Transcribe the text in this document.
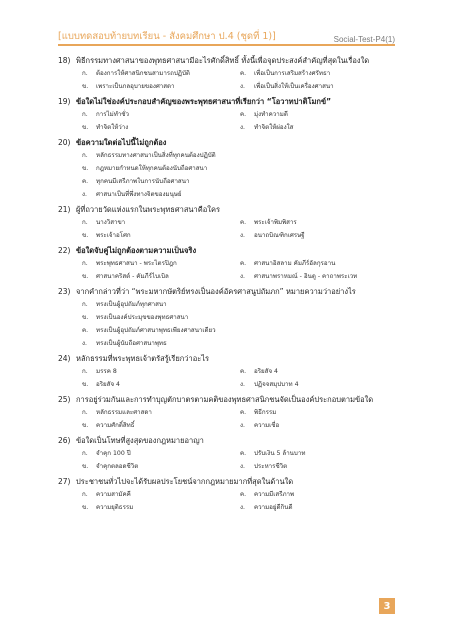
[แบบทดสอบท้ายบทเรียน - สังคมศึกษา ป.4 (ชุดที่ 1)]	Social-Test-P4(1)
18) พิธีกรรมทางศาสนาของพุทธศาสนามีอะไรศักดิ์สิทธิ์ ทั้งนี้เพื่อจุดประสงค์สำคัญที่สุดในเรื่องใด
ก.	ต้องการให้ศาสนิกชนสามารถปฏิบัติ	ค.	เพื่อเป็นการเสริมสร้างศรัทธา
ข.	เพราะเป็นกลอุบายของศาสดา	ง.	เพื่อเป็นสิ่งให้เป็นเครื่องศาสนา
19) ข้อใดไม่ใช่องค์ประกอบสำคัญของพระพุทธศาสนาที่เรียกว่า “โอวาทปาติโมกข์”
ก.	การไม่ทำชั่ว	ค.	มุ่งทำความดี
ข.	ทำจิตให้ว่าง	ง.	ทำจิตให้ผ่องใส
20) ข้อความใดต่อไปนี้ไม่ถูกต้อง
ก.	หลักธรรมทางศาสนาเป็นสิ่งที่ทุกคนต้องปฏิบัติ
ข.	กฎหมายกำหนดให้ทุกคนต้องนับถือศาสนา
ค.	ทุกคนมีเสรีภาพในการนับถือศาสนา
ง.	ศาสนาเป็นที่พึ่งทางจิตของมนุษย์
21) ผู้ที่ถวายวัดแห่งแรกในพระพุทธศาสนาคือใคร
ก.	นางวิสาขา	ค.	พระเจ้าพิมพิสาร
ข.	พระเจ้าอโศก	ง.	อนาถบิณฑิกเศรษฐี
22) ข้อใดจับคู่ไม่ถูกต้องตามความเป็นจริง
ก.	พระพุทธศาสนา - พระไตรปิฎก	ค.	ศาสนาอิสลาม คัมภีร์อัลกุรอาน
ข.	ศาสนาคริสต์ - คัมภีร์ไบเบิล	ง.	ศาสนาพราหมณ์ - ฮินดู - คาถาพระเวท
23) จากคำกล่าวที่ว่า “พระมหากษัตริย์ทรงเป็นองค์อัครศาสนูปถัมภก” หมายความว่าอย่างไร
ก.	ทรงเป็นผู้อุปถัมภ์ทุกศาสนา
ข.	ทรงเป็นองค์ประมุขของพุทธศาสนา
ค.	ทรงเป็นผู้อุปถัมภ์ศาสนาพุทธเพียงศาสนาเดียว
ง.	ทรงเป็นผู้นับถือศาสนาพุทธ
24) หลักธรรมที่พระพุทธเจ้าตรัสรู้เรียกว่าอะไร
ก.	มรรค 8	ค.	อริยสัจ 4
ข.	อริยสัจ 4	ง.	ปฏิจจสมุปบาท 4
25) การอยู่ร่วมกันและการทำบุญตักบาตรตามคติของพุทธศาสนิกชนจัดเป็นองค์ประกอบตามข้อใด
ก.	หลักธรรมและศาสดา	ค.	พิธีกรรม
ข.	ความศักดิ์สิทธิ์	ง.	ความเชื่อ
26) ข้อใดเป็นโทษที่สูงสุดของกฎหมายอาญา
ก.	จำคุก 100 ปี	ค.	ปรับเงิน 5 ล้านบาท
ข.	จำคุกตลอดชีวิต	ง.	ประหารชีวิต
27) ประชาชนทั่วไปจะได้รับผลประโยชน์จากกฎหมายมากที่สุดในด้านใด
ก.	ความสามัคคี	ค.	ความมีเสรีภาพ
ข.	ความยุติธรรม	ง.	ความอยู่ดีกินดี
3
